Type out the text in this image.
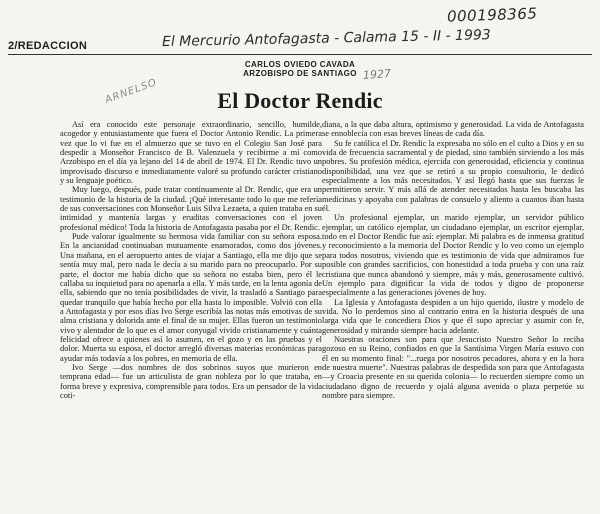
000198365
2/REDACCION	El Mercurio Antofagasta - Calama 15 - II - 1993
CARLOS OVIEDO CAVADA
ARZOBISPO DE SANTIAGO
ARNELSO
1927
El Doctor Rendic

Así era conocido este personaje extraordinario, sencillo, humilde, acogedor y entusiastamente que fuera el Doctor Antonio Rendic. La primera vez que lo vi fue en el almuerzo que se tuvo en el Colegio San José para despedir a Monseñor Francisco de B. Valenzuela y recibirme a mí como Arzobispo en el día ya lejano del 14 de abril de 1974. El Dr. Rendic tuvo un improvisado discurso e inmediatamente valoré su profundo carácter cristiano y su lenguaje poético.

Muy luego, después, pude tratar continuamente al Dr. Rendic, que era un testimonio de la historia de la ciudad. ¡Qué interesante todo lo que me refería de sus conversaciones con Monseñor Luis Silva Lezaeta, a quien trataba en su intimidad y mantenía largas y eruditas conversaciones con el joven profesional médico! Toda la historia de Antofagasta pasaba por el Dr. Rendic.

Pude valorar igualmente su hermosa vida familiar con su señora esposa. En la ancianidad continuaban mutuamente enamorados, como dos jóvenes. Una mañana, en el aeropuerto antes de viajar a Santiago, ella me dijo que se sentía muy mal, pero nada le decía a su marido para no preocuparlo. Por su parte, el doctor me había dicho que su señora no estaba bien, pero él le callaba su inquietud para no apenarla a ella. Y más tarde, en la lenta agonía de ella, sabiendo que no tenía posibilidades de vivir, la trasladó a Santiago para quedar tranquilo que había hecho por ella hasta lo imposible. Volvió con ella a Antofagasta y por esos días Ivo Serge escribía las notas más emotivas de su alma cristiana y dolorida ante el final de su mujer. Ellas fueron un testimonio vivo y alentador de lo que es el amor conyugal vivido cristianamente y cuánta felicidad ofrece a quienes así lo asumen, en el gozo y en las pruebas y el dolor. Muerta su esposa, el doctor arregló diversas materias económicas para ayudar más todavía a los pobres, en memoria de ella.

Ivo Serge —dos nombres de dos sobrinos suyos que murieron en temprana edad— fue un articulista de gran nobleza por lo que trataba, en forma breve y expresiva, comprensible para todos. Era un pensador de la vida coti-

diana, a la que daba altura, optimismo y generosidad. La vida de Antofagasta se ennoblecía con esas breves líneas de cada día.

Su fe católica el Dr. Rendic la expresaba no sólo en el culto a Dios y en su vida de frecuencia sacramental y de piedad, sino también sirviendo a los más pobres. Su profesión médica, ejercida con generosidad, eficiencia y continua disponibilidad, una vez que se retiró a su propio consultorio, le dedicó especialmente a los más necesitados. Y así llegó hasta que sus fuerzas le permitieron servir. Y más allá de atender necesitados hasta les buscaba las medicinas y apoyaba con palabras de consuelo y aliento a cuantos iban hasta él.

Un profesional ejemplar, un marido ejemplar, un servidor público ejemplar, un católico ejemplar, un ciudadano ejemplar, un escritor ejemplar, todo en el Doctor Rendic fue así: ejemplar. Mi palabra es de inmensa gratitud y reconocimiento a la memoria del Doctor Rendic y lo veo como un ejemplo para todos nosotros, viviendo que es testimonio de vida que admiramos fue posible con grandes sacrificios, con honestidad a toda prueba y con una raíz cristiana que nunca abandonó y siempre, más y más, generosamente cultivó. Un ejemplo para dignificar la vida de todos y digno de proponerse especialmente a las generaciones jóvenes de hoy.

La Iglesia y Antofagasta despiden a un hijo querido, ilustre y modelo de vida. No lo perdemos sino al contrario entra en la historia después de una larga vida que le concediera Dios y que él supo apreciar y asumir con fe, generosidad y mirando siempre hacia adelante.

Nuestras oraciones son para que Jesucristo Nuestro Señor lo reciba gozoso en su Reino, confiados en que la Santísima Virgen María estuvo con él en su momento final: "...ruega por nosotros pecadores, ahora y en la hora de nuestra muerte". Nuestras palabras de despedida son para que Antofagasta —y Croacia presente en su querida colonia— lo recuerden siempre como un ciudadano digno de recuerdo y ojalá alguna avenida o plaza perpetúe su nombre para siempre.
